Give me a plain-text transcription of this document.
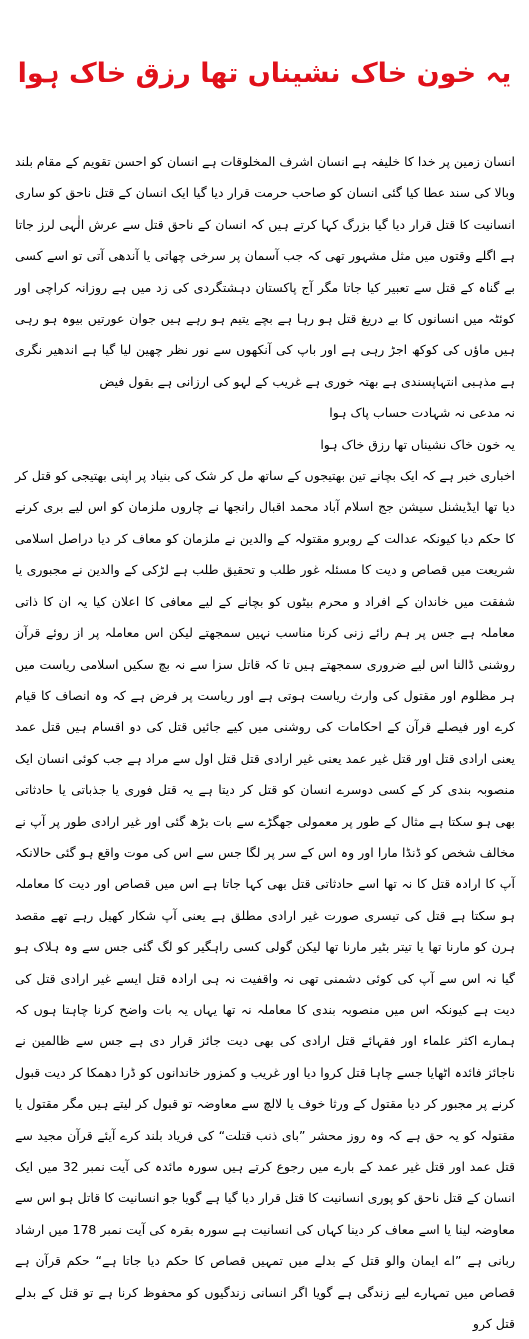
یہ خون خاک نشیناں تھا رزق خاک ہوا

انسان زمین پر خدا کا خلیفہ ہے انسان اشرف المخلوقات ہے انسان کو احسن تقویم کے مقام بلند وبالا کی سند عطا کیا گئی انسان کو صاحب حرمت قرار دیا گیا ایک انسان کے قتل ناحق کو ساری انسانیت کا قتل قرار دیا گیا بزرگ کہا کرتے ہیں کہ انسان کے ناحق قتل سے عرش الٰہی لرز جاتا ہے اگلے وقتوں میں مثل مشہور تھی کہ جب آسمان پر سرخی چھاتی یا آندھی آتی تو اسے کسی بے گناہ کے قتل سے تعبیر کیا جاتا مگر آج پاکستان دہشتگردی کی زد میں ہے روزانہ کراچی اور کوئٹہ میں انسانوں کا بے دریغ قتل ہو رہا ہے بچے یتیم ہو رہے ہیں جوان عورتیں بیوہ ہو رہی ہیں ماؤں کی کوکھ اجڑ رہی ہے اور باپ کی آنکھوں سے نور نظر چھین لیا گیا ہے اندھیر نگری ہے مذہبی انتہاپسندی ہے بھتہ خوری ہے غریب کے لہو کی ارزانی ہے بقول فیض

نہ مدعی نہ شہادت حساب پاک ہوا

یہ خون خاک نشیناں تھا رزق خاک ہوا

اخباری خبر ہے کہ ایک بچانے تین بھتیجوں کے ساتھ مل کر شک کی بنیاد پر اپنی بھتیجی کو قتل کر دیا تھا ایڈیشنل سیشن جج اسلام آباد محمد اقبال رانجھا نے چاروں ملزمان کو اس لیے بری کرنے کا حکم دیا کیونکہ عدالت کے روبرو مقتولہ کے والدین نے ملزمان کو معاف کر دیا دراصل اسلامی شریعت میں قصاص و دیت کا مسئلہ غور طلب و تحقیق طلب ہے لڑکی کے والدین نے مجبوری یا شفقت میں خاندان کے افراد و محرم بیٹوں کو بچانے کے لیے معافی کا اعلان کیا یہ ان کا ذاتی معاملہ ہے جس پر ہم رائے زنی کرنا مناسب نہیں سمجھتے لیکن اس معاملہ پر از روئے قرآن روشنی ڈالنا اس لیے ضروری سمجھتے ہیں تا کہ قاتل سزا سے نہ بچ سکیں اسلامی ریاست میں ہر مظلوم اور مقتول کی وارث ریاست ہوتی ہے اور ریاست پر فرض ہے کہ وہ انصاف کا قیام کرے اور فیصلے قرآن کے احکامات کی روشنی میں کیے جائیں قتل کی دو اقسام ہیں قتل عمد یعنی ارادی قتل اور قتل غیر عمد یعنی غیر ارادی قتل قتل اول سے مراد ہے جب کوئی انسان ایک منصوبہ بندی کر کے کسی دوسرے انسان کو قتل کر دیتا ہے یہ قتل فوری یا جذباتی یا حادثاتی بھی ہو سکتا ہے مثال کے طور پر معمولی جھگڑے سے بات بڑھ گئی اور غیر ارادی طور پر آپ نے مخالف شخص کو ڈنڈا مارا اور وہ اس کے سر پر لگا جس سے اس کی موت واقع ہو گئی حالانکہ آپ کا ارادہ قتل کا نہ تھا اسے حادثاتی قتل بھی کہا جاتا ہے اس میں قصاص اور دیت کا معاملہ ہو سکتا ہے قتل کی تیسری صورت غیر ارادی مطلق ہے یعنی آپ شکار کھیل رہے تھے مقصد ہرن کو مارنا تھا یا تیتر بٹیر مارنا تھا لیکن گولی کسی راہگیر کو لگ گئی جس سے وہ ہلاک ہو گیا نہ اس سے آپ کی کوئی دشمنی تھی نہ واقفیت نہ ہی ارادہ قتل ایسے غیر ارادی قتل کی دیت ہے کیونکہ اس میں منصوبہ بندی کا معاملہ نہ تھا یہاں یہ بات واضح کرنا چاہتا ہوں کہ ہمارے اکثر علماء اور فقہائے قتل ارادی کی بھی دیت جائز قرار دی ہے جس سے ظالمین نے ناجائز فائدہ اٹھایا جسے چاہا قتل کروا دیا اور غریب و کمزور خاندانوں کو ڈرا دھمکا کر دیت قبول کرنے پر مجبور کر دیا مقتول کے ورثا خوف یا لالچ سے معاوضہ تو قبول کر لیتے ہیں مگر مقتول یا مقتولہ کو یہ حق ہے کہ وہ روز محشر ”بای ذنب قتلت“ کی فریاد بلند کرے آیئے قرآن مجید سے قتل عمد اور قتل غیر عمد کے بارے میں رجوع کرتے ہیں سورہ مائدہ کی آیت نمبر 32 میں ایک انسان کے قتل ناحق کو پوری انسانیت کا قتل قرار دیا گیا ہے گویا جو انسانیت کا قاتل ہو اس سے معاوضہ لینا یا اسے معاف کر دینا کہاں کی انسانیت ہے سورہ بقرہ کی آیت نمبر 178 میں ارشاد ربانی ہے ”اے ایمان والو قتل کے بدلے میں تمہیں قصاص کا حکم دیا جاتا ہے“ حکم قرآن ہے قصاص میں تمہارے لیے زندگی ہے گویا اگر انسانی زندگیوں کو محفوظ کرنا ہے تو قتل کے بدلے قتل کرو
